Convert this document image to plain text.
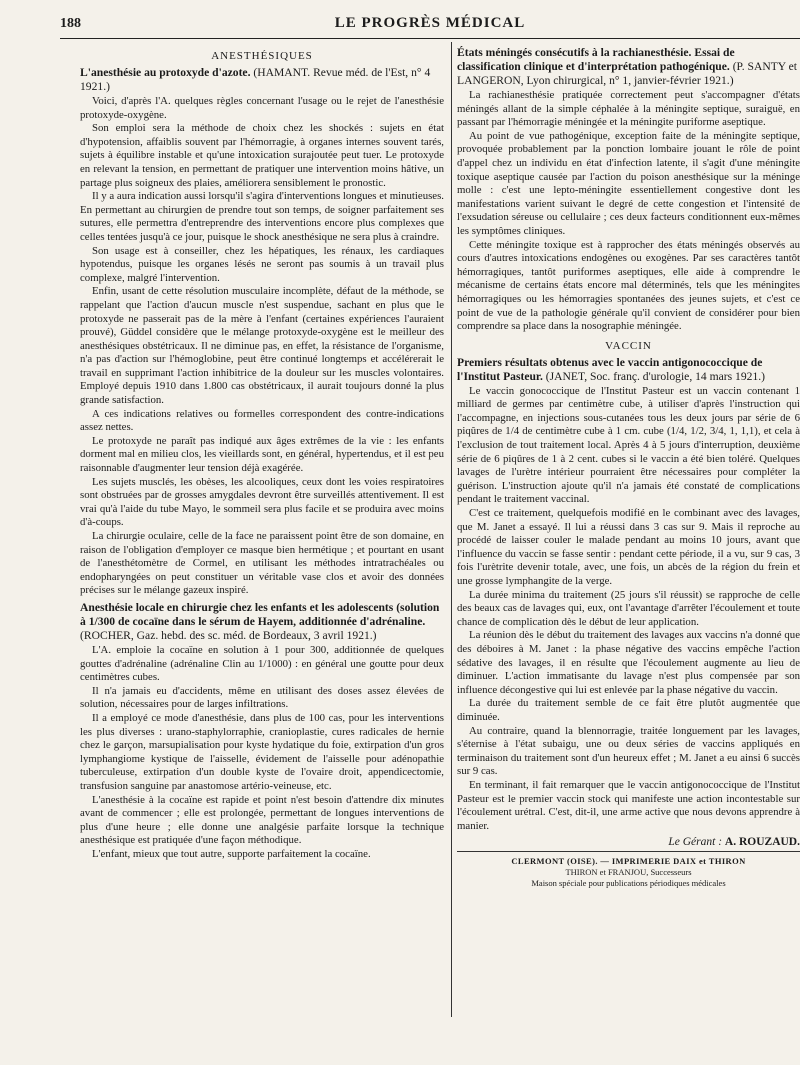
188	LE PROGRÈS MÉDICAL
ANESTHÉSIQUES
L'anesthésie au protoxyde d'azote. (HAMANT. Revue méd. de l'Est, n° 4 1921.)

Voici, d'après l'A. quelques règles concernant l'usage ou le rejet de l'anesthésie protoxyde-oxygène.

Son emploi sera la méthode de choix chez les shockés : sujets en état d'hypotension, affaiblis souvent par l'hémorragie, à organes internes souvent tarés, sujets à équilibre instable et qu'une intoxication surajoutée peut tuer. Le protoxyde en relevant la tension, en permettant de pratiquer une intervention moins hâtive, un partage plus soigneux des plaies, améliorera sensiblement le pronostic.

Il y a aura indication aussi lorsqu'il s'agira d'interventions longues et minutieuses. En permettant au chirurgien de prendre tout son temps, de soigner parfaitement ses sutures, elle permettra d'entreprendre des interventions encore plus complexes que celles tentées jusqu'à ce jour, puisque le shock anesthésique ne sera plus à craindre.

Son usage est à conseiller, chez les hépatiques, les rénaux, les cardiaques hypotendus, puisque les organes lésés ne seront pas soumis à un travail plus complexe, malgré l'intervention.

Enfin, usant de cette résolution musculaire incomplète, défaut de la méthode, se rappelant que l'action d'aucun muscle n'est suspendue, sachant en plus que le protoxyde ne passerait pas de la mère à l'enfant (certaines expériences l'auraient prouvé), Güddel considère que le mélange protoxyde-oxygène est le meilleur des anesthésiques obstétricaux. Il ne diminue pas, en effet, la résistance de l'organisme, n'a pas d'action sur l'hémoglobine, peut être continué longtemps et accélérerait le travail en supprimant l'action inhibitrice de la douleur sur les muscles volontaires. Employé depuis 1910 dans 1.800 cas obstétricaux, il aurait toujours donné la plus grande satisfaction.

A ces indications relatives ou formelles correspondent des contre-indications assez nettes.

Le protoxyde ne paraît pas indiqué aux âges extrêmes de la vie : les enfants dorment mal en milieu clos, les vieillards sont, en général, hypertendus, et il est peu raisonnable d'augmenter leur tension déjà exagérée.

Les sujets musclés, les obèses, les alcooliques, ceux dont les voies respiratoires sont obstruées par de grosses amygdales devront être surveillés attentivement. Il est vrai qu'à l'aide du tube Mayo, le sommeil sera plus facile et se produira avec moins d'à-coups.

La chirurgie oculaire, celle de la face ne paraissent point être de son domaine, en raison de l'obligation d'employer ce masque bien hermétique ; et pourtant en usant de l'anesthétomètre de Cormel, en utilisant les méthodes intratrachéales ou endopharyngées on peut constituer un véritable vase clos et avoir des données précises sur le mélange gazeux inspiré.

Anesthésie locale en chirurgie chez les enfants et les adolescents (solution à 1/300 de cocaïne dans le sérum de Hayem, additionnée d'adrénaline. (ROCHER, Gaz. hebd. des sc. méd. de Bordeaux, 3 avril 1921.)

L'A. emploie la cocaïne en solution à 1 pour 300, additionnée de quelques gouttes d'adrénaline (adrénaline Clin au 1/1000) : en général une goutte pour deux centimètres cubes.

Il n'a jamais eu d'accidents, même en utilisant des doses assez élevées de solution, nécessaires pour de larges infiltrations.

Il a employé ce mode d'anesthésie, dans plus de 100 cas, pour les interventions les plus diverses : urano-staphylorraphie, cranioplastie, cures radicales de hernie chez le garçon, marsupialisation pour kyste hydatique du foie, extirpation d'un gros lymphangiome kystique de l'aisselle, évidement de l'aisselle pour adénopathie tuberculeuse, extirpation d'un double kyste de l'ovaire droit, appendicectomie, transfusion sanguine par anastomose artério-veineuse, etc.

L'anesthésie à la cocaïne est rapide et point n'est besoin d'attendre dix minutes avant de commencer ; elle est prolongée, permettant de longues interventions de plus d'une heure ; elle donne une analgésie parfaite lorsque la technique anesthésique est pratiquée d'une façon méthodique.

L'enfant, mieux que tout autre, supporte parfaitement la cocaïne.

États méningés consécutifs à la rachianesthésie. Essai de classification clinique et d'interprétation pathogénique. (P. SANTY et LANGERON, Lyon chirurgical, n° 1, janvier-février 1921.)

La rachianesthésie pratiquée correctement peut s'accompagner d'états méningés allant de la simple céphalée à la méningite septique, suraiguë, en passant par l'hémorragie méningée et la méningite puriforme aseptique.

Au point de vue pathogénique, exception faite de la méningite septique, provoquée probablement par la ponction lombaire jouant le rôle de point d'appel chez un individu en état d'infection latente, il s'agit d'une méningite toxique aseptique causée par l'action du poison anesthésique sur la méninge molle : c'est une lepto-méningite essentiellement congestive dont les manifestations varient suivant le degré de cette congestion et l'intensité de l'exsudation séreuse ou cellulaire ; ces deux facteurs conditionnent eux-mêmes les symptômes cliniques.

Cette méningite toxique est à rapprocher des états méningés observés au cours d'autres intoxications endogènes ou exogènes. Par ses caractères tantôt hémorragiques, tantôt puriformes aseptiques, elle aide à comprendre le mécanisme de certains états encore mal déterminés, tels que les méningites hémorragiques ou les hémorragies spontanées des jeunes sujets, et c'est ce point de vue de la pathologie générale qu'il convient de considérer pour bien comprendre sa place dans la nosographie méningée.

VACCIN
Premiers résultats obtenus avec le vaccin antigonococcique de l'Institut Pasteur. (JANET, Soc. franç. d'urologie, 14 mars 1921.)

Le vaccin gonococcique de l'Institut Pasteur est un vaccin contenant 1 milliard de germes par centimètre cube, à utiliser d'après l'instruction qui l'accompagne, en injections sous-cutanées tous les deux jours par série de 6 piqûres de 1/4 de centimètre cube à 1 cm. cube (1/4, 1/2, 3/4, 1, 1,1), et cela à l'exclusion de tout traitement local. Après 4 à 5 jours d'interruption, deuxième série de 6 piqûres de 1 à 2 cent. cubes si le vaccin a été bien toléré. Quelques lavages de l'urètre intérieur pourraient être nécessaires pour compléter la guérison. L'instruction ajoute qu'il n'a jamais été constaté de complications pendant le traitement vaccinal.

C'est ce traitement, quelquefois modifié en le combinant avec des lavages, que M. Janet a essayé. Il lui a réussi dans 3 cas sur 9. Mais il reproche au procédé de laisser couler le malade pendant au moins 10 jours, avant que l'influence du vaccin se fasse sentir : pendant cette période, il a vu, sur 9 cas, 3 fois l'urètrite devenir totale, avec, une fois, un abcès de la région du frein et une grosse lymphangite de la verge.

La durée minima du traitement (25 jours s'il réussit) se rapproche de celle des beaux cas de lavages qui, eux, ont l'avantage d'arrêter l'écoulement et toute chance de complication dès le début de leur application.

La réunion dès le début du traitement des lavages aux vaccins n'a donné que des déboires à M. Janet : la phase négative des vaccins empêche l'action sédative des lavages, il en résulte que l'écoulement augmente au lieu de diminuer. L'action immatisante du lavage n'est plus compensée par son influence décongestive qui lui est enlevée par la phase négative du vaccin.

La durée du traitement semble de ce fait être plutôt augmentée que diminuée.

Au contraire, quand la blennorragie, traitée longuement par les lavages, s'éternise à l'état subaigu, une ou deux séries de vaccins appliqués en terminaison du traitement sont d'un heureux effet ; M. Janet a eu ainsi 6 succès sur 9 cas.

En terminant, il fait remarquer que le vaccin antigonococcique de l'Institut Pasteur est le premier vaccin stock qui manifeste une action incontestable sur l'écoulement urétral. C'est, dit-il, une arme active que nous devons apprendre à manier.

Le Gérant : A. ROUZAUD.
CLERMONT (OISE). — IMPRIMERIE DAIX et THIRON
THIRON et FRANJOU, Successeurs
Maison spéciale pour publications périodiques médicales
